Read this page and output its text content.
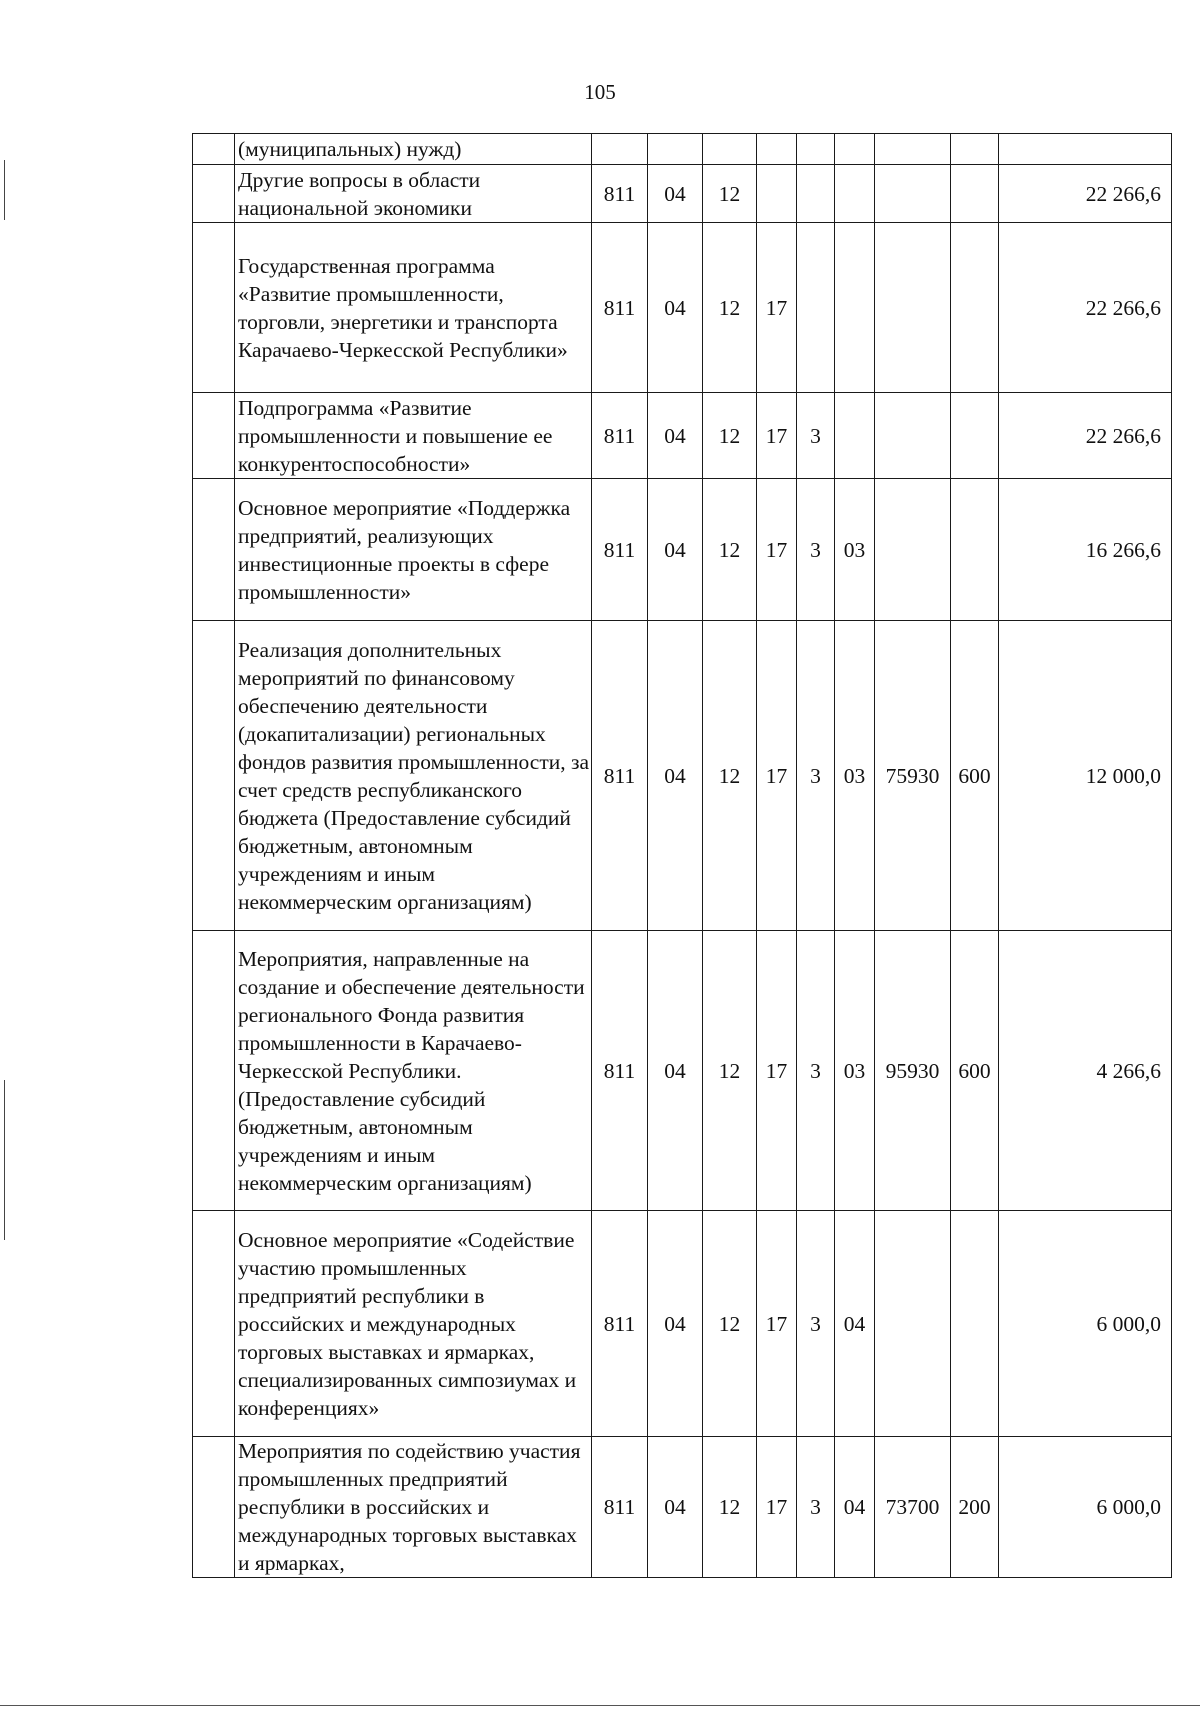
105
	(муниципальных) нужд)									
	Другие вопросы в области национальной экономики	811	04	12						22 266,6
	Государственная программа «Развитие промышленности, торговли, энергетики и транспорта Карачаево-Черкесской Республики»	811	04	12	17					22 266,6
	Подпрограмма «Развитие промышленности и повышение ее конкурентоспособности»	811	04	12	17	3				22 266,6
	Основное мероприятие «Поддержка предприятий, реализующих инвестиционные проекты в сфере промышленности»	811	04	12	17	3	03			16 266,6
	Реализация дополнительных мероприятий по финансовому обеспечению деятельности (докапитализации) региональных фондов развития промышленности, за счет средств республиканского бюджета (Предоставление субсидий бюджетным, автономным учреждениям и иным некоммерческим организациям)	811	04	12	17	3	03	75930	600	12 000,0
	Мероприятия, направленные на создание и обеспечение деятельности регионального Фонда развития промышленности в Карачаево-Черкесской Республики. (Предоставление субсидий бюджетным, автономным учреждениям и иным некоммерческим организациям)	811	04	12	17	3	03	95930	600	4 266,6
	Основное мероприятие «Содействие участию промышленных предприятий республики в российских и международных торговых выставках и ярмарках, специализированных симпозиумах и конференциях»	811	04	12	17	3	04			6 000,0
	Мероприятия по содействию участия промышленных предприятий республики в российских и международных торговых выставках и ярмарках,	811	04	12	17	3	04	73700	200	6 000,0
